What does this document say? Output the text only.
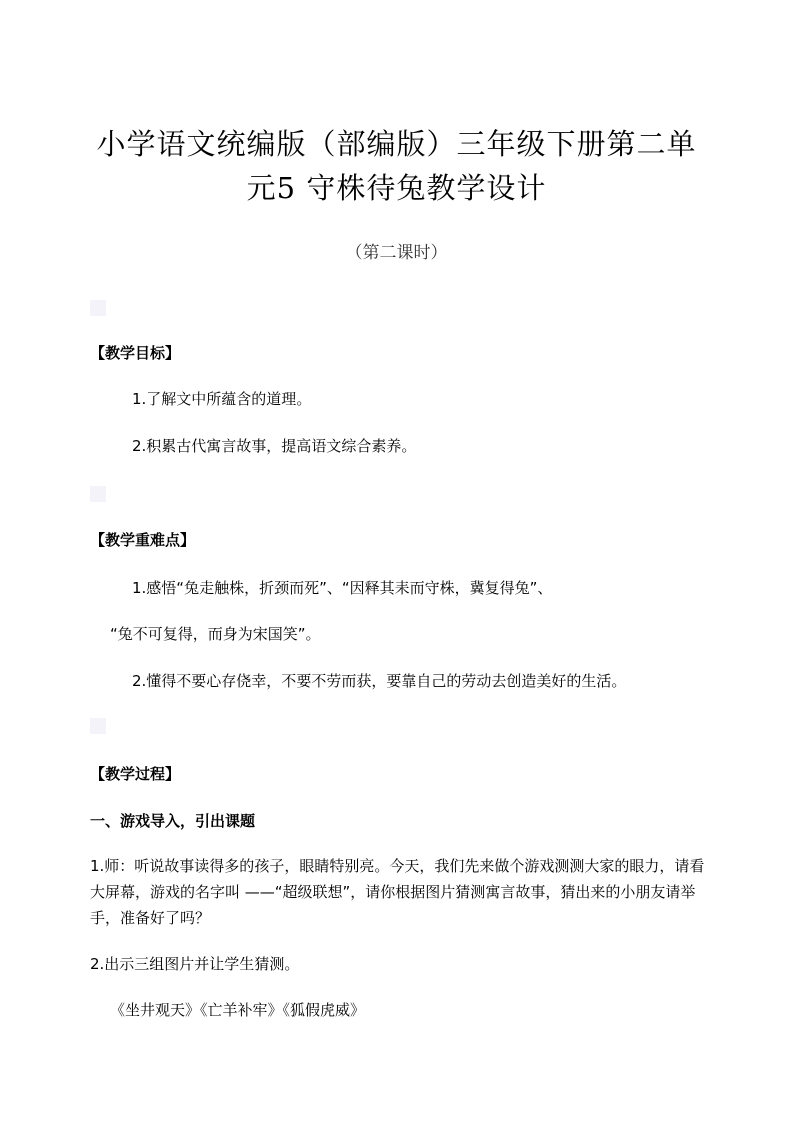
小学语文统编版（部编版）三年级下册第二单
元5 守株待兔教学设计
（第二课时）
【教学目标】
1.了解文中所蕴含的道理。
2.积累古代寓言故事，提高语文综合素养。
【教学重难点】
1.感悟“兔走触株，折颈而死”、“因释其耒而守株，冀复得兔”、
“兔不可复得，而身为宋国笑”。
2.懂得不要心存侥幸，不要不劳而获，要靠自己的劳动去创造美好的生活。
【教学过程】
一、游戏导入，引出课题
1.师：听说故事读得多的孩子，眼睛特别亮。今天，我们先来做个游戏测测大家的眼力，请看大屏幕，游戏的名字叫 ——“超级联想”，请你根据图片猜测寓言故事，猜出来的小朋友请举手，准备好了吗？
2.出示三组图片并让学生猜测。
《坐井观天》《亡羊补牢》《狐假虎威》
